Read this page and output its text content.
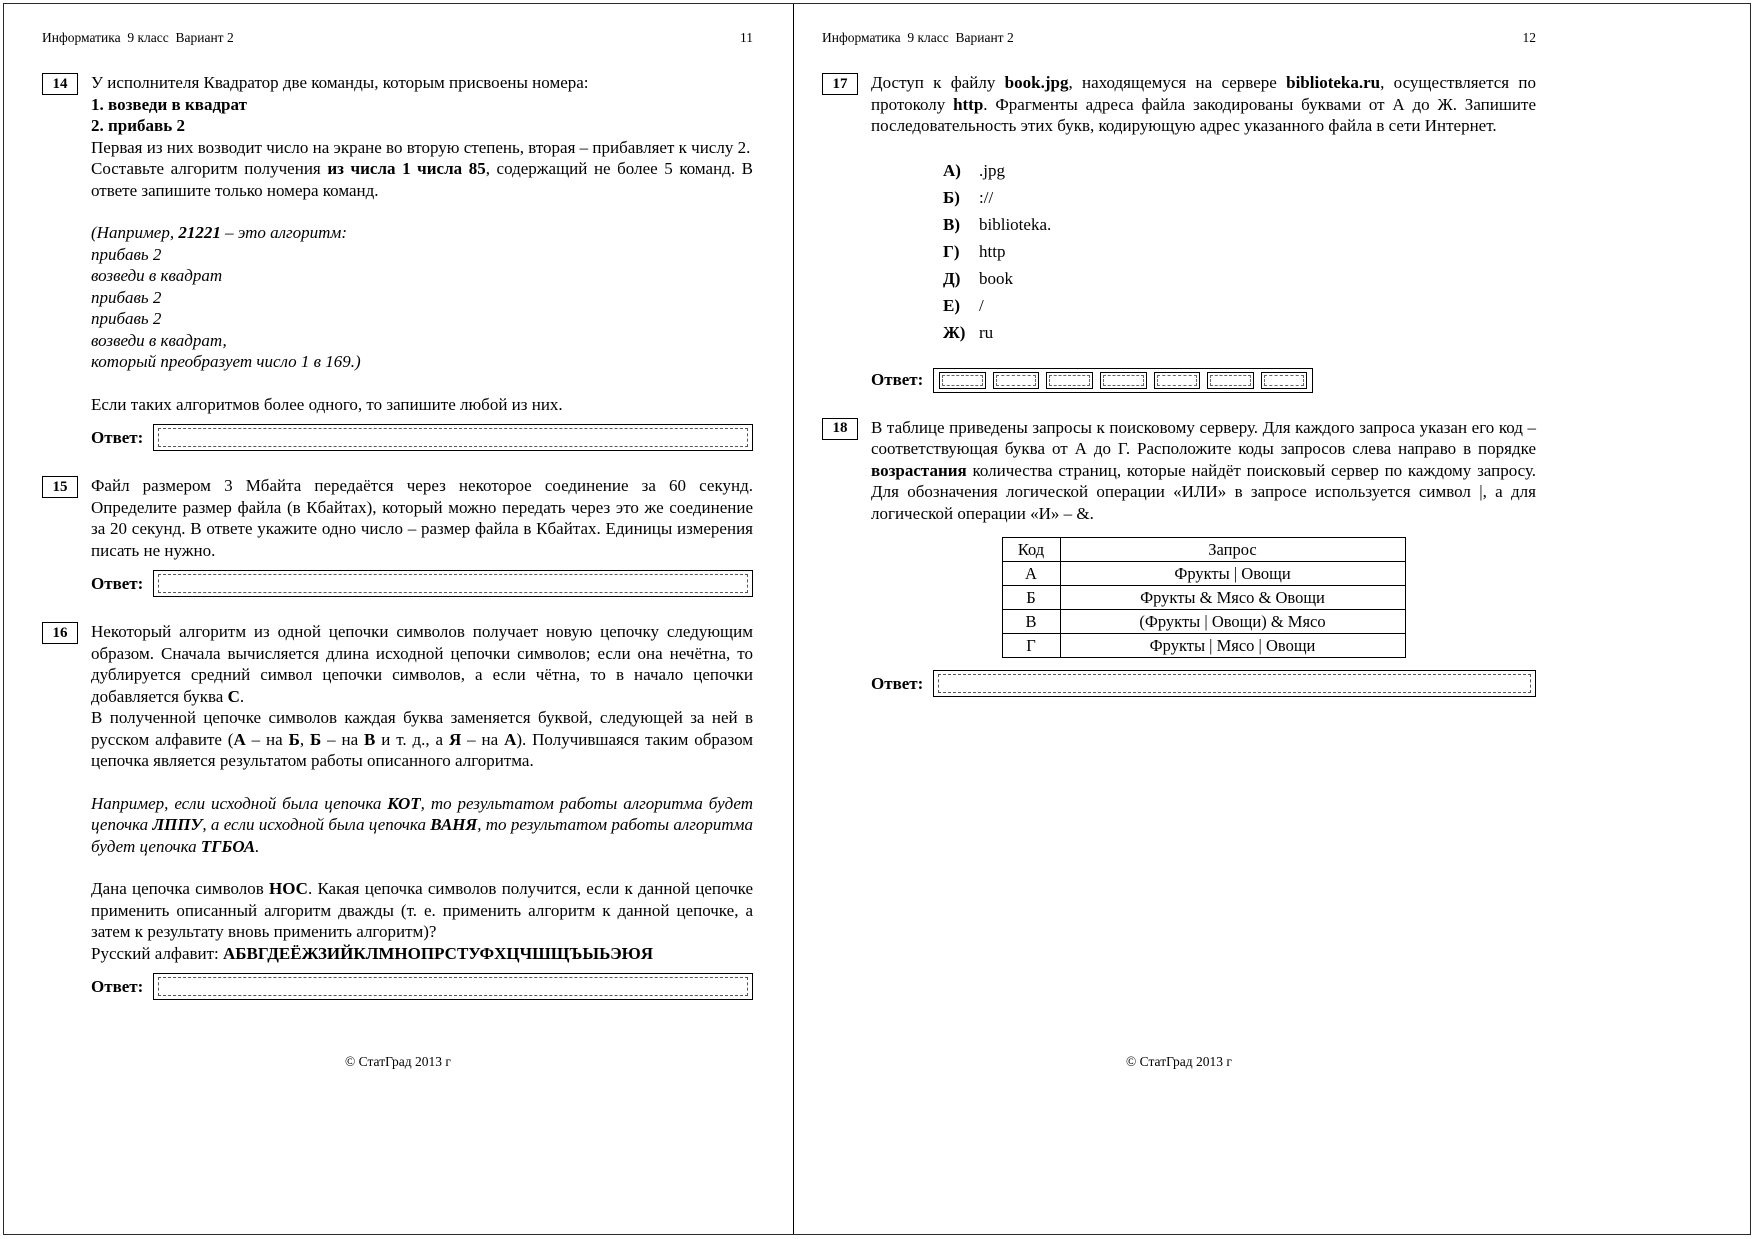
Информатика  9 класс  Вариант 2	11
14	У исполнителя Квадратор две команды, которым присвоены номера:
1. возведи в квадрат
2. прибавь 2
Первая из них возводит число на экране во вторую степень, вторая – прибавляет к числу 2.
Составьте алгоритм получения из числа 1 числа 85, содержащий не более 5 команд. В ответе запишите только номера команд.
(Например, 21221 – это алгоритм:
прибавь 2
возведи в квадрат
прибавь 2
прибавь 2
возведи в квадрат,
который преобразует число 1 в 169.)
Если таких алгоритмов более одного, то запишите любой из них.
Ответ:
15	Файл размером 3 Мбайта передаётся через некоторое соединение за 60 секунд. Определите размер файла (в Кбайтах), который можно передать через это же соединение за 20 секунд. В ответе укажите одно число – размер файла в Кбайтах. Единицы измерения писать не нужно.
Ответ:
16	Некоторый алгоритм из одной цепочки символов получает новую цепочку следующим образом. Сначала вычисляется длина исходной цепочки символов; если она нечётна, то дублируется средний символ цепочки символов, а если чётна, то в начало цепочки добавляется буква С.
В полученной цепочке символов каждая буква заменяется буквой, следующей за ней в русском алфавите (А – на Б, Б – на В и т. д., а Я – на А). Получившаяся таким образом цепочка является результатом работы описанного алгоритма.
Например, если исходной была цепочка КОТ, то результатом работы алгоритма будет цепочка ЛППУ, а если исходной была цепочка ВАНЯ, то результатом работы алгоритма будет цепочка ТГБОА.
Дана цепочка символов НОС. Какая цепочка символов получится, если к данной цепочке применить описанный алгоритм дважды (т. е. применить алгоритм к данной цепочке, а затем к результату вновь применить алгоритм)?
Русский алфавит: АБВГДЕЁЖЗИЙКЛМНОПРСТУФХЦЧШЩЪЫЬЭЮЯ
Ответ:
© СтатГрад 2013 г
Информатика  9 класс  Вариант 2	12
17	Доступ к файлу book.jpg, находящемуся на сервере biblioteka.ru, осуществляется по протоколу http. Фрагменты адреса файла закодированы буквами от А до Ж. Запишите последовательность этих букв, кодирующую адрес указанного файла в сети Интернет.
А)	.jpg
Б)	://
В)	biblioteka.
Г)	http
Д)	book
Е)	/
Ж) ru
Ответ:
18	В таблице приведены запросы к поисковому серверу. Для каждого запроса указан его код – соответствующая буква от А до Г. Расположите коды запросов слева направо в порядке возрастания количества страниц, которые найдёт поисковый сервер по каждому запросу. Для обозначения логической операции «ИЛИ» в запросе используется символ |, а для логической операции «И» – &.
Код	Запрос
А	Фрукты | Овощи
Б	Фрукты & Мясо & Овощи
В	(Фрукты | Овощи) & Мясо
Г	Фрукты | Мясо | Овощи
Ответ:
© СтатГрад 2013 г
